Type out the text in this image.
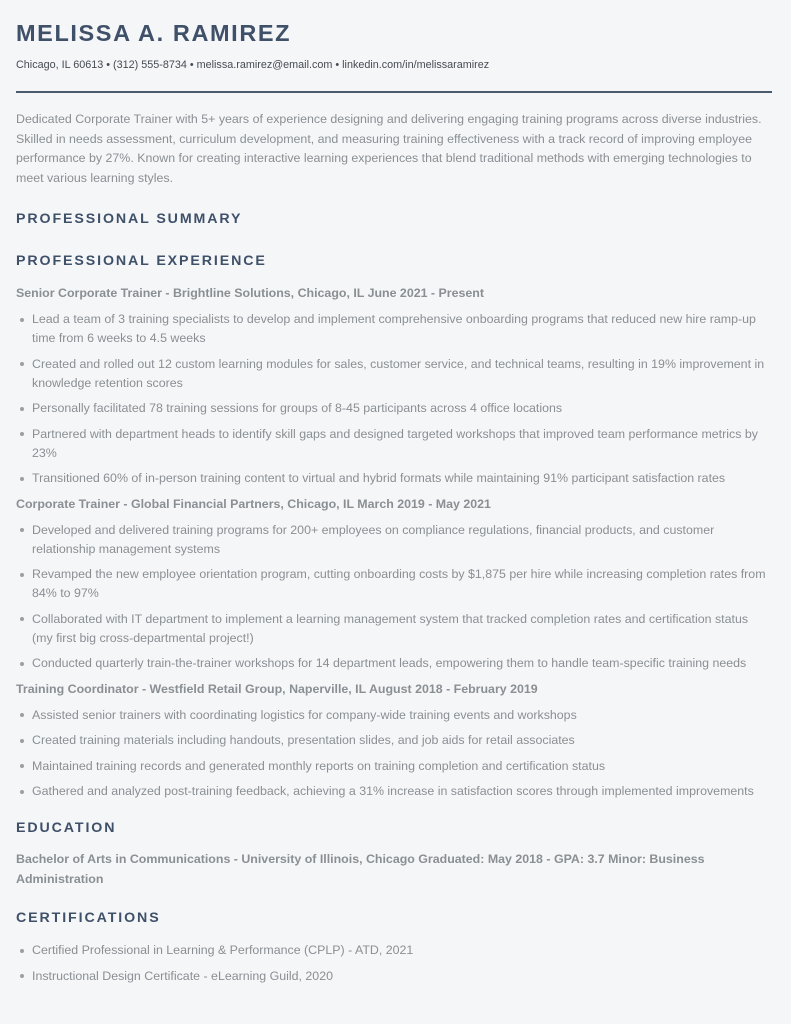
MELISSA A. RAMIREZ
Chicago, IL 60613 • (312) 555-8734 • melissa.ramirez@email.com • linkedin.com/in/melissaramirez

Dedicated Corporate Trainer with 5+ years of experience designing and delivering engaging training programs across diverse industries. Skilled in needs assessment, curriculum development, and measuring training effectiveness with a track record of improving employee performance by 27%. Known for creating interactive learning experiences that blend traditional methods with emerging technologies to meet various learning styles.

PROFESSIONAL SUMMARY
PROFESSIONAL EXPERIENCE
Senior Corporate Trainer - Brightline Solutions, Chicago, IL June 2021 - Present
Lead a team of 3 training specialists to develop and implement comprehensive onboarding programs that reduced new hire ramp-up time from 6 weeks to 4.5 weeks
Created and rolled out 12 custom learning modules for sales, customer service, and technical teams, resulting in 19% improvement in knowledge retention scores
Personally facilitated 78 training sessions for groups of 8-45 participants across 4 office locations
Partnered with department heads to identify skill gaps and designed targeted workshops that improved team performance metrics by 23%
Transitioned 60% of in-person training content to virtual and hybrid formats while maintaining 91% participant satisfaction rates
Corporate Trainer - Global Financial Partners, Chicago, IL March 2019 - May 2021
Developed and delivered training programs for 200+ employees on compliance regulations, financial products, and customer relationship management systems
Revamped the new employee orientation program, cutting onboarding costs by $1,875 per hire while increasing completion rates from 84% to 97%
Collaborated with IT department to implement a learning management system that tracked completion rates and certification status (my first big cross-departmental project!)
Conducted quarterly train-the-trainer workshops for 14 department leads, empowering them to handle team-specific training needs
Training Coordinator - Westfield Retail Group, Naperville, IL August 2018 - February 2019
Assisted senior trainers with coordinating logistics for company-wide training events and workshops
Created training materials including handouts, presentation slides, and job aids for retail associates
Maintained training records and generated monthly reports on training completion and certification status
Gathered and analyzed post-training feedback, achieving a 31% increase in satisfaction scores through implemented improvements
EDUCATION
Bachelor of Arts in Communications - University of Illinois, Chicago Graduated: May 2018 - GPA: 3.7 Minor: Business Administration
CERTIFICATIONS
Certified Professional in Learning & Performance (CPLP) - ATD, 2021
Instructional Design Certificate - eLearning Guild, 2020
